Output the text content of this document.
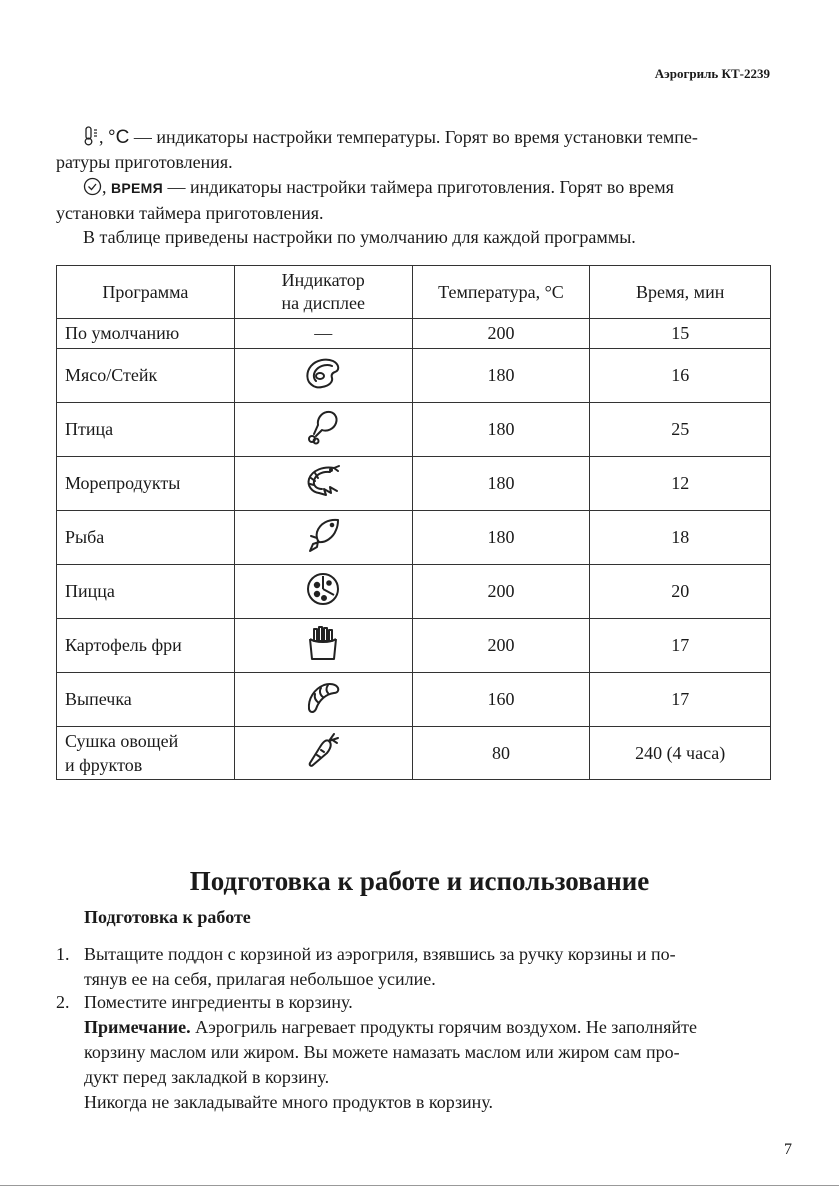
Аэрогриль КТ-2239

, °С — индикаторы настройки температуры. Горят во время установки темпе-
ратуры приготовления.

, ВРЕМЯ — индикаторы настройки таймера приготовления. Горят во время
установки таймера приготовления.

В таблице приведены настройки по умолчанию для каждой программы.

Программа	Индикатор
на дисплее	Температура, °С	Время, мин
По умолчанию	—	200	15
Мясо/Стейк		180	16
Птица		180	25
Морепродукты		180	12
Рыба		180	18
Пицца		200	20
Картофель фри		200	17
Выпечка		160	17
Сушка овощей
и фруктов		80	240 (4 часа)
Подготовка к работе и использование
Подготовка к работе
1. Вытащите поддон с корзиной из аэрогриля, взявшись за ручку корзины и по-
тянув ее на себя, прилагая небольшое усилие.
2. Поместите ингредиенты в корзину.
Примечание. Аэрогриль нагревает продукты горячим воздухом. Не заполняйте
корзину маслом или жиром. Вы можете намазать маслом или жиром сам про-
дукт перед закладкой в корзину.
Никогда не закладывайте много продуктов в корзину.
7
